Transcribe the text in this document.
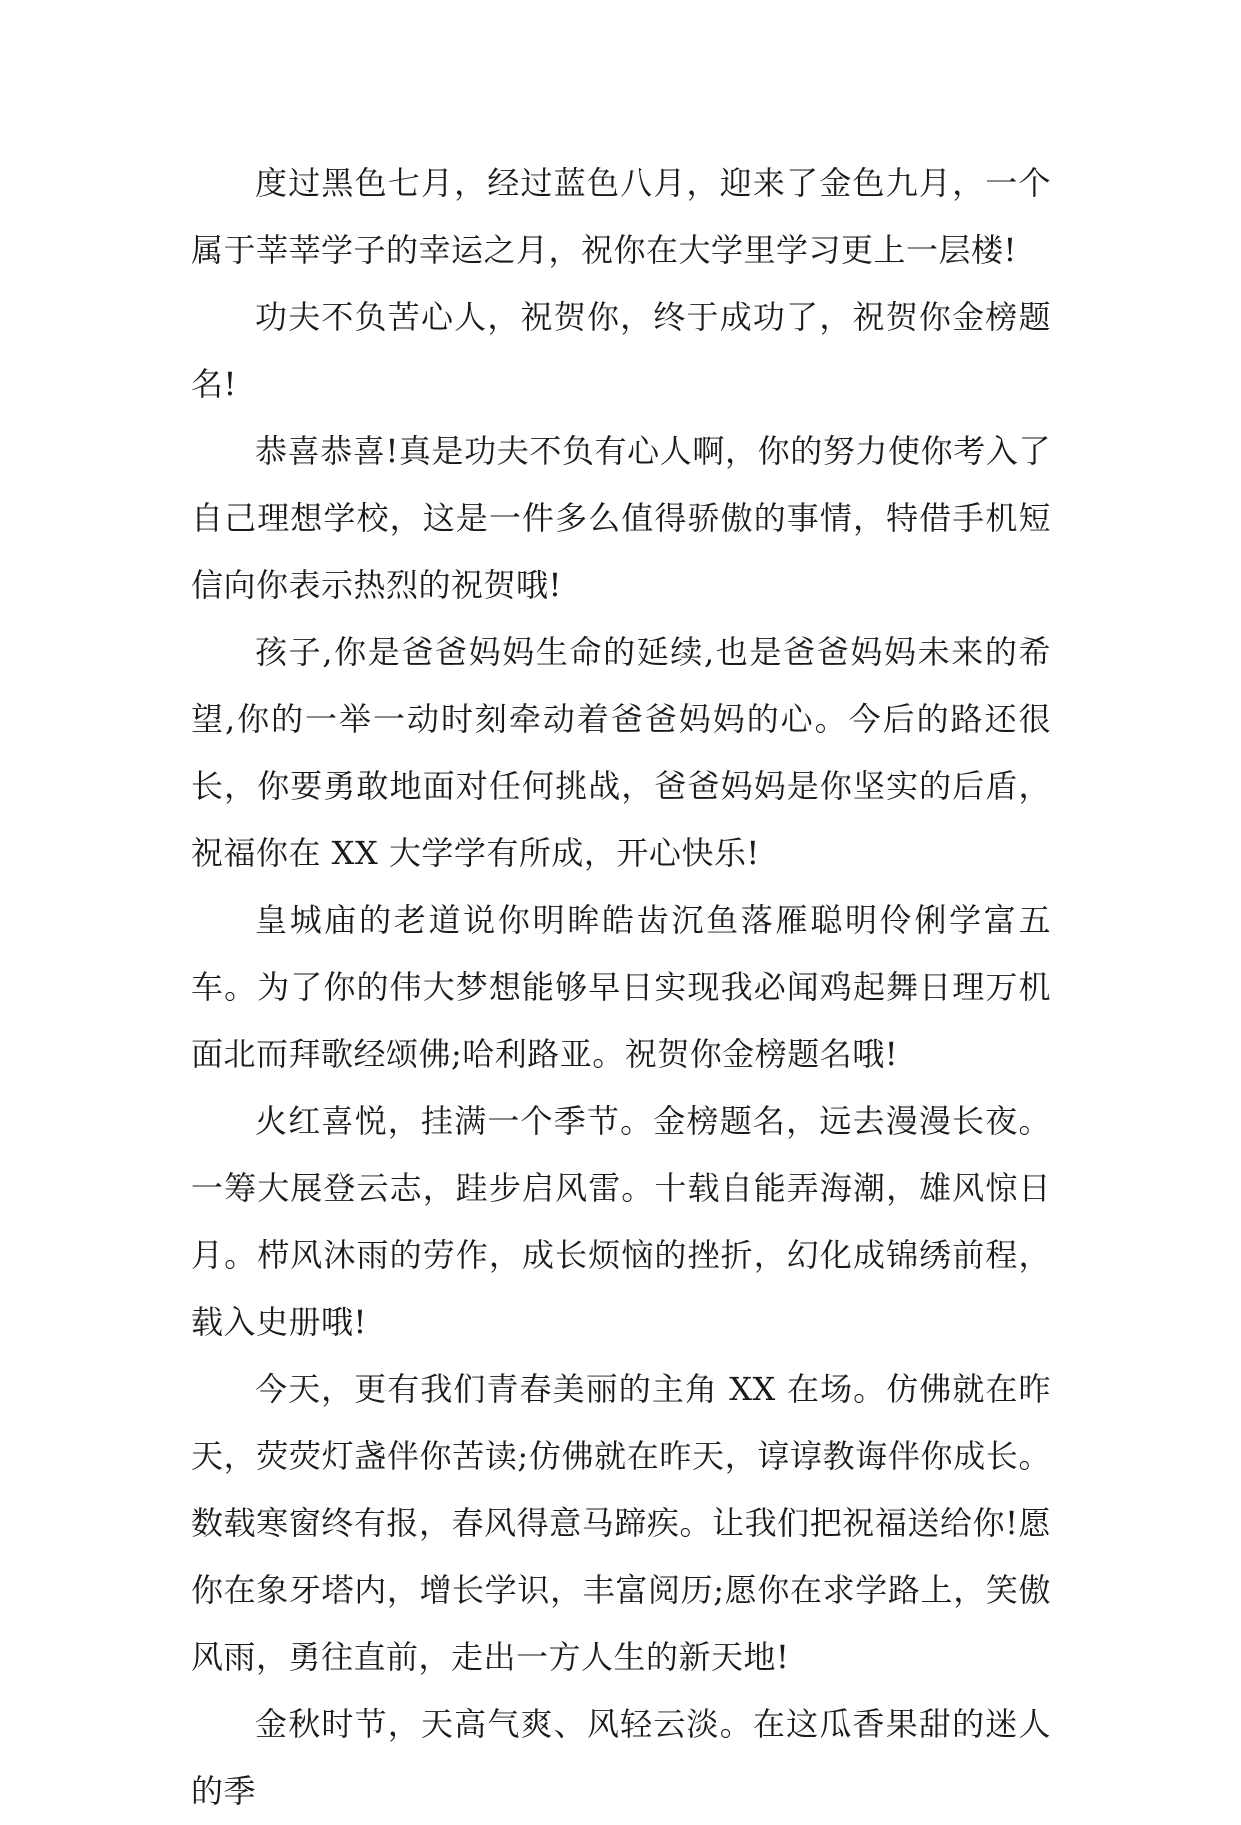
度过黑色七月，经过蓝色八月，迎来了金色九月，一个属于莘莘学子的幸运之月，祝你在大学里学习更上一层楼!

功夫不负苦心人，祝贺你，终于成功了，祝贺你金榜题名!

恭喜恭喜!真是功夫不负有心人啊，你的努力使你考入了自己理想学校，这是一件多么值得骄傲的事情，特借手机短信向你表示热烈的祝贺哦!

孩子,你是爸爸妈妈生命的延续,也是爸爸妈妈未来的希望,你的一举一动时刻牵动着爸爸妈妈的心。今后的路还很长，你要勇敢地面对任何挑战，爸爸妈妈是你坚实的后盾，祝福你在 XX 大学学有所成，开心快乐!

皇城庙的老道说你明眸皓齿沉鱼落雁聪明伶俐学富五车。为了你的伟大梦想能够早日实现我必闻鸡起舞日理万机面北而拜歌经颂佛;哈利路亚。祝贺你金榜题名哦!

火红喜悦，挂满一个季节。金榜题名，远去漫漫长夜。一筹大展登云志，跬步启风雷。十载自能弄海潮，雄风惊日月。栉风沐雨的劳作，成长烦恼的挫折，幻化成锦绣前程，载入史册哦!

今天，更有我们青春美丽的主角 XX 在场。仿佛就在昨天，荧荧灯盏伴你苦读;仿佛就在昨天，谆谆教诲伴你成长。数载寒窗终有报，春风得意马蹄疾。让我们把祝福送给你!愿你在象牙塔内，增长学识，丰富阅历;愿你在求学路上，笑傲风雨，勇往直前，走出一方人生的新天地!

金秋时节，天高气爽、风轻云淡。在这瓜香果甜的迷人的季
